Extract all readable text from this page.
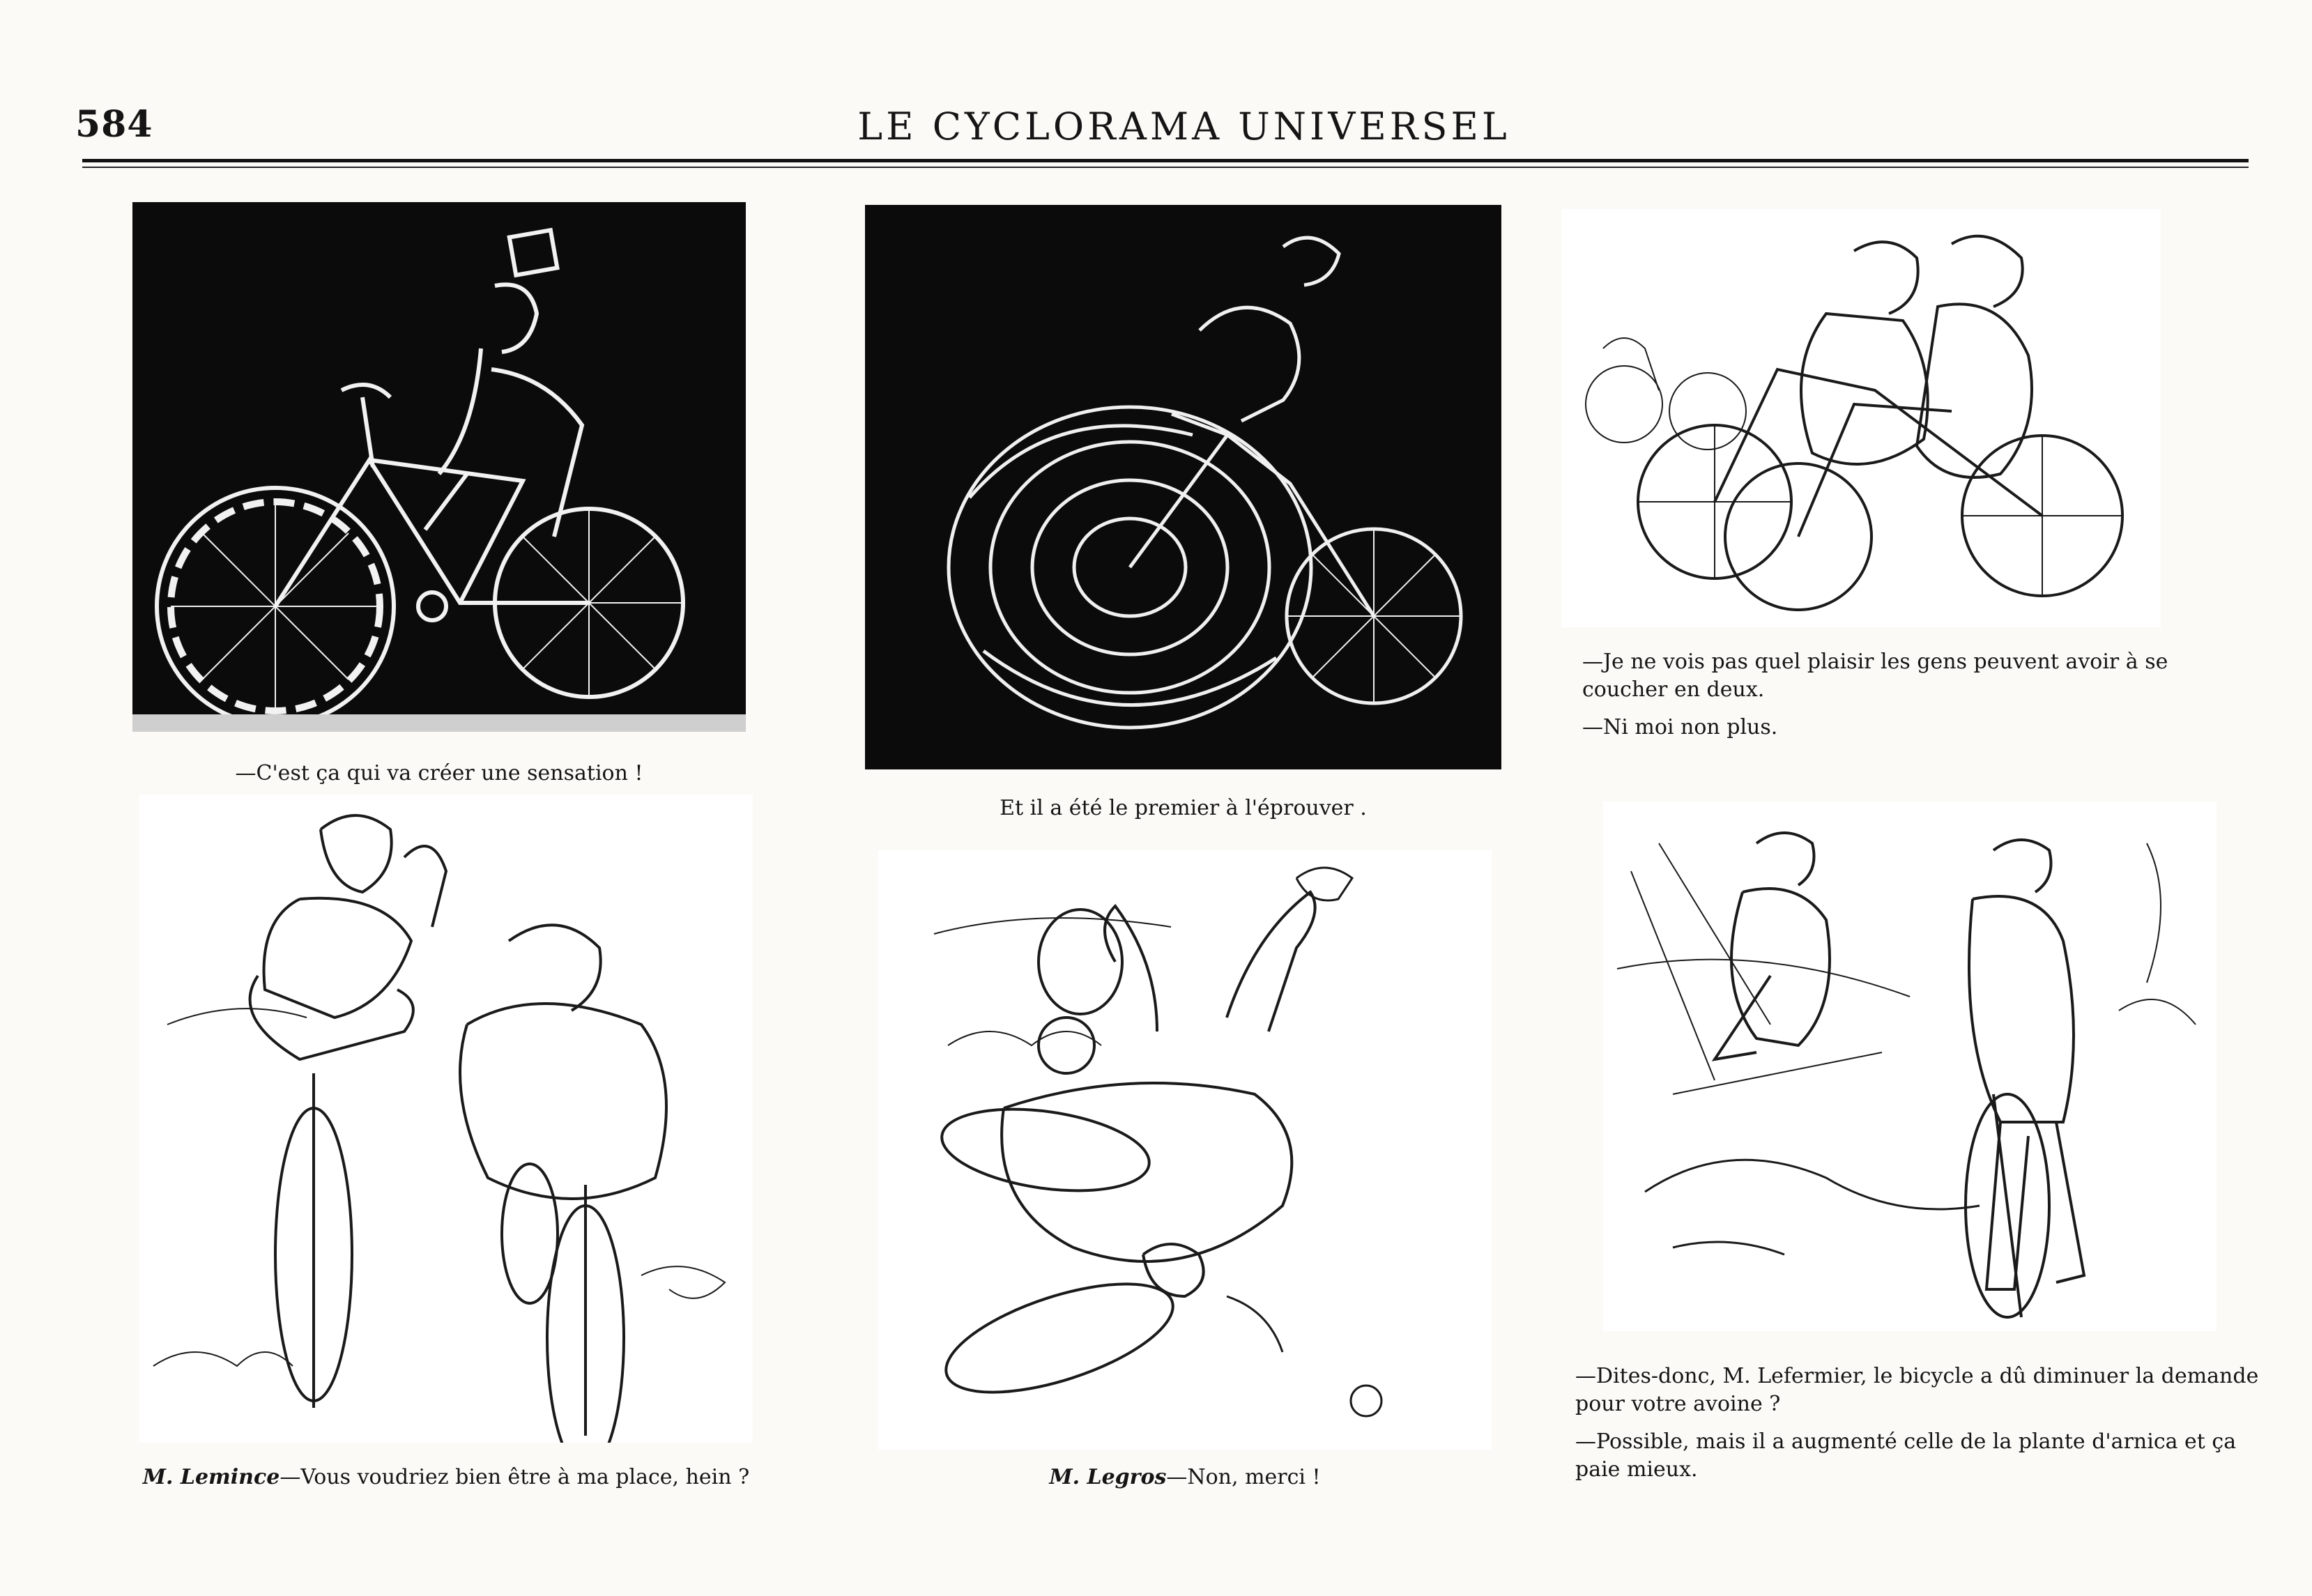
584	LE CYCLORAMA UNIVERSEL

—Je ne vois pas quel plaisir les gens peuvent avoir à se coucher en deux.

—Ni moi non plus.

—C'est ça qui va créer une sensation !
Et il a été le premier à l'éprouver .
M. Lemince—Vous voudriez bien être à ma place, hein ?	M. Legros—Non, merci !

—Dites-donc, M. Lefermier, le bicycle a dû diminuer la demande pour votre avoine ?

—Possible, mais il a augmenté celle de la plante d'arnica et ça paie mieux.
